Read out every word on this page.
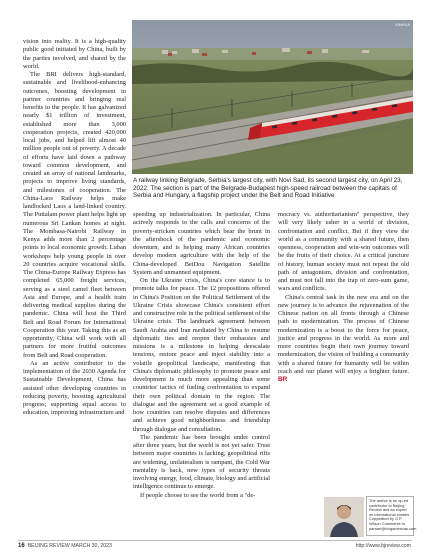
vision into reality. It is a high-quality public good initiated by China, built by the parties involved, and shared by the world.

The BRI delivers high-standard, sustainable and livelihood-enhancing outcomes, boosting development in partner countries and bringing real benefits to the people. It has galvanized nearly $1 trillion of investment, established more than 3,000 cooperation projects, created 420,000 local jobs, and helped lift almost 40 million people out of poverty. A decade of efforts have laid down a pathway toward common development, and created an array of national landmarks, projects to improve living standards, and milestones of cooperation. The China-Laos Railway helps make landlocked Laos a land-linked country. The Puttalam power plant helps light up numerous Sri Lankan homes at night. The Mombasa-Nairobi Railway in Kenya adds more than 2 percentage points to local economic growth. Luban workshops help young people in over 20 countries acquire vocational skills. The China-Europe Railway Express has completed 65,000 freight services, serving as a steel camel fleet between Asia and Europe, and a health train delivering medical supplies during the pandemic. China will host the Third Belt and Road Forum for International Cooperation this year. Taking this as an opportunity, China will work with all partners for more fruitful outcomes from Belt and Road cooperation.

As an active contributor to the implementation of the 2030 Agenda for Sustainable Development, China has assisted other developing countries in reducing poverty, boosting agricultural progress; supporting equal access to education, improving infrastructure and

XINHUA

A railway linking Belgrade, Serbia's largest city, with Novi Sad, its second largest city, on April 23, 2022. The section is part of the Belgrade-Budapest high-speed railroad between the capitals of Serbia and Hungary, a flagship project under the Belt and Road Initiative

speeding up industrialization. In particular, China actively responds to the calls and concerns of the poverty-stricken countries which bear the brunt in the aftershock of the pandemic and economic downturn, and is helping many African countries develop modern agriculture with the help of the China-developed BeiDou Navigation Satellite System and unmanned equipment.

On the Ukraine crisis, China's core stance is to promote talks for peace. The 12 propositions offered in China's Position on the Political Settlement of the Ukraine Crisis showcase China's consistent effort and constructive role in the political settlement of the Ukraine crisis. The landmark agreement between Saudi Arabia and Iran mediated by China to resume diplomatic ties and reopen their embassies and missions is a milestone in helping deescalate tensions, restore peace and inject stability into a volatile geopolitical landscape, manifesting that China's diplomatic philosophy to promote peace and development is much more appealing than some countries' tactics of fueling confrontation to expand their own political domain in the region. The dialogue and the agreement set a good example of how countries can resolve disputes and differences and achieve good neighborliness and friendship through dialogue and consultation.

The pandemic has been brought under control after three years, but the world is not yet safer. Trust between major countries is lacking, geopolitical rifts are widening, unilateralism is rampant, the Cold War mentality is back, new types of security threats involving energy, food, climate, biology and artificial intelligence continue to emerge.

If people choose to see the world from a "de-

mocracy vs. authoritarianism" perspective, they will very likely usher in a world of division, confrontation and conflict. But if they view the world as a community with a shared future, then openness, cooperation and win-win outcomes will be the fruits of their choice. At a critical juncture of history, human society must not repeat the old path of antagonism, division and confrontation, and must not fall into the trap of zero-sum game, wars and conflicts.

China's central task in the new era and on the new journey is to advance the rejuvenation of the Chinese nation on all fronts through a Chinese path to modernization. The process of Chinese modernization is a boost to the force for peace, justice and progress in the world. As more and more countries begin their own journey toward modernization, the vision of building a community with a shared future for humanity will be within reach and our planet will enjoy a brighter future. BR

The author is an op-ed contributor to Beijing Review and an expert on international studies Copyedited by G.P. Wilson Comments to panwei@cicgamericas.com
16 BEIJING REVIEW MARCH 30, 2023	http://www.bjreview.com
